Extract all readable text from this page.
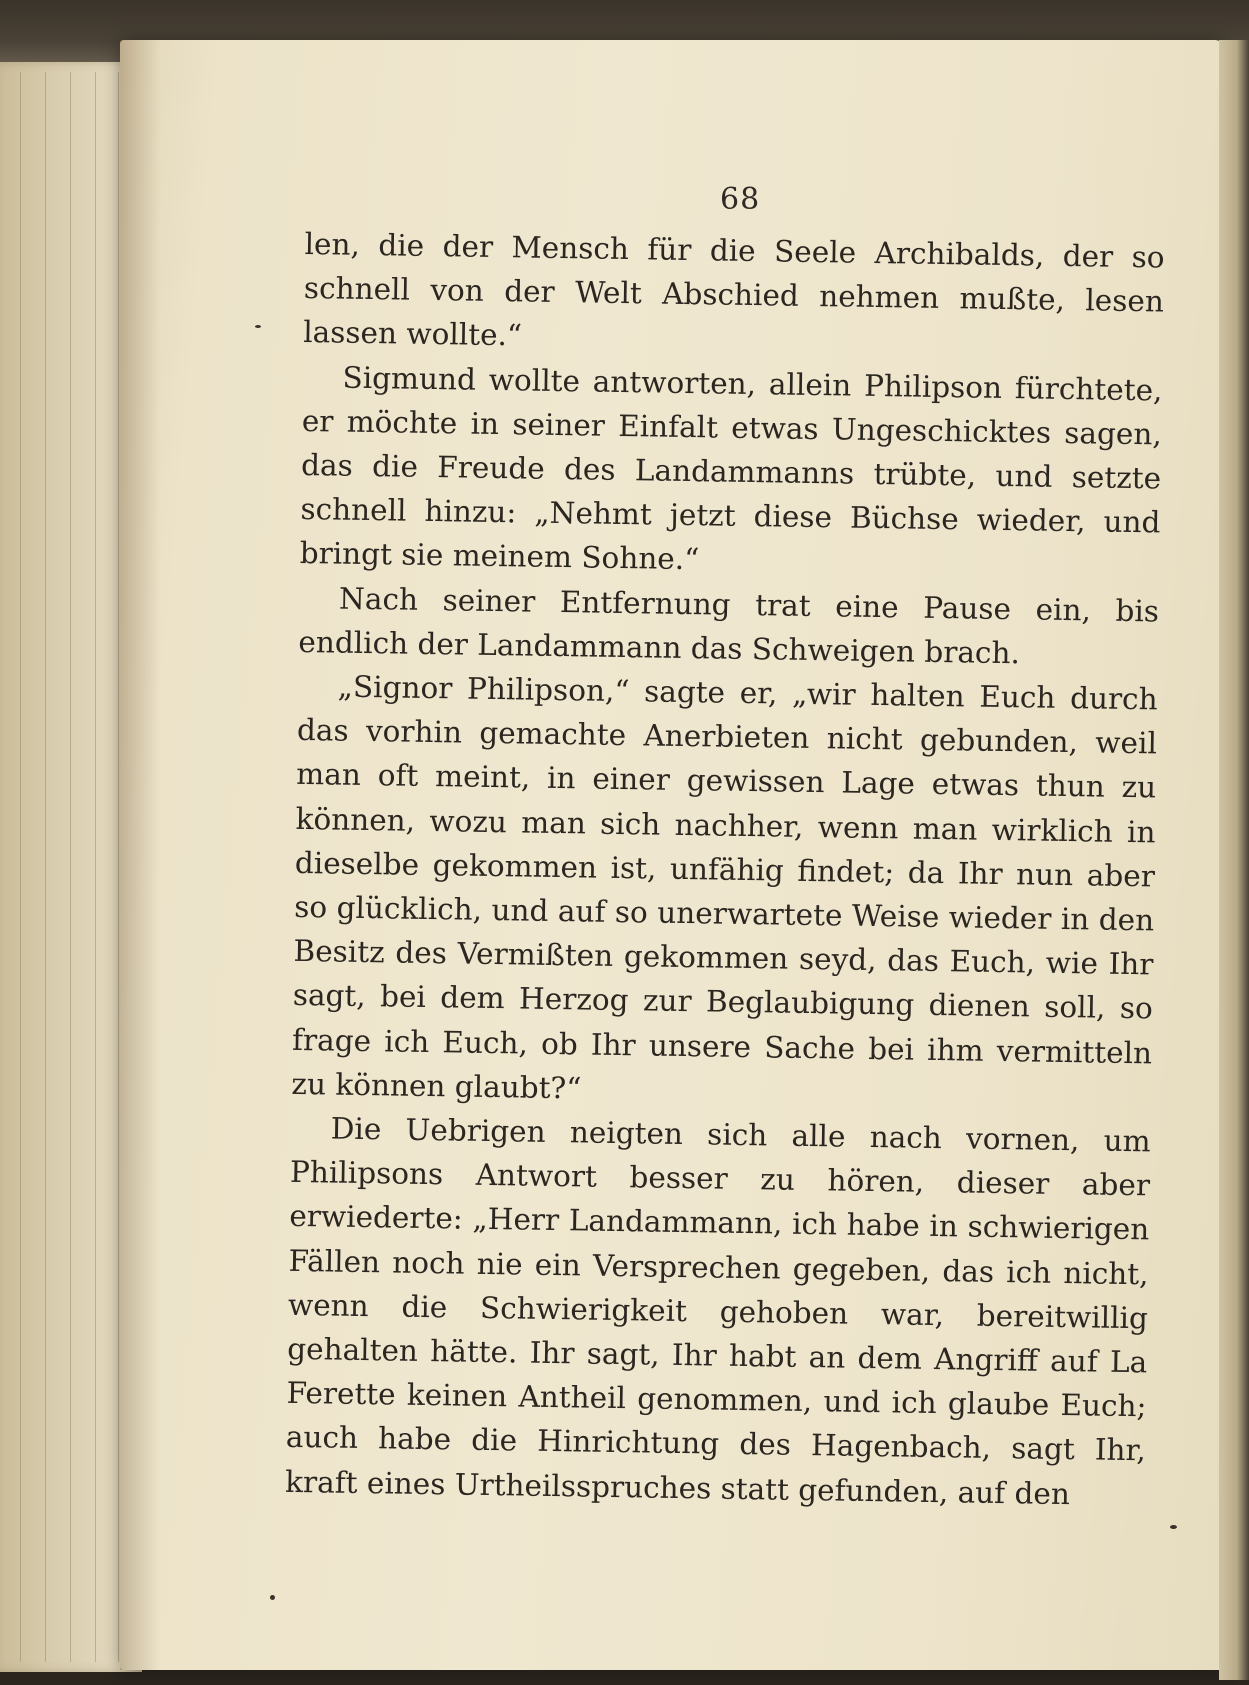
68

len, die der Mensch für die Seele Archibalds, der so schnell von der Welt Abschied nehmen mußte, lesen lassen wollte.“

Sigmund wollte antworten, allein Philipson fürchtete, er möchte in seiner Einfalt etwas Ungeschicktes sagen, das die Freude des Landammanns trübte, und setzte schnell hinzu: „Nehmt jetzt diese Büchse wieder, und bringt sie meinem Sohne.“

Nach seiner Entfernung trat eine Pause ein, bis endlich der Landammann das Schweigen brach.

„Signor Philipson,“ sagte er, „wir halten Euch durch das vorhin gemachte Anerbieten nicht gebunden, weil man oft meint, in einer gewissen Lage etwas thun zu können, wozu man sich nachher, wenn man wirklich in dieselbe gekommen ist, unfähig findet; da Ihr nun aber so glücklich, und auf so unerwartete Weise wieder in den Besitz des Vermißten gekommen seyd, das Euch, wie Ihr sagt, bei dem Herzog zur Beglaubigung dienen soll, so frage ich Euch, ob Ihr unsere Sache bei ihm vermitteln zu können glaubt?“

Die Uebrigen neigten sich alle nach vornen, um Philipsons Antwort besser zu hören, dieser aber erwiederte: „Herr Landammann, ich habe in schwierigen Fällen noch nie ein Versprechen gegeben, das ich nicht, wenn die Schwierigkeit gehoben war, bereitwillig gehalten hätte. Ihr sagt, Ihr habt an dem Angriff auf La Ferette keinen Antheil genommen, und ich glaube Euch; auch habe die Hinrichtung des Hagenbach, sagt Ihr, kraft eines Urtheilsspruches statt gefunden, auf den
